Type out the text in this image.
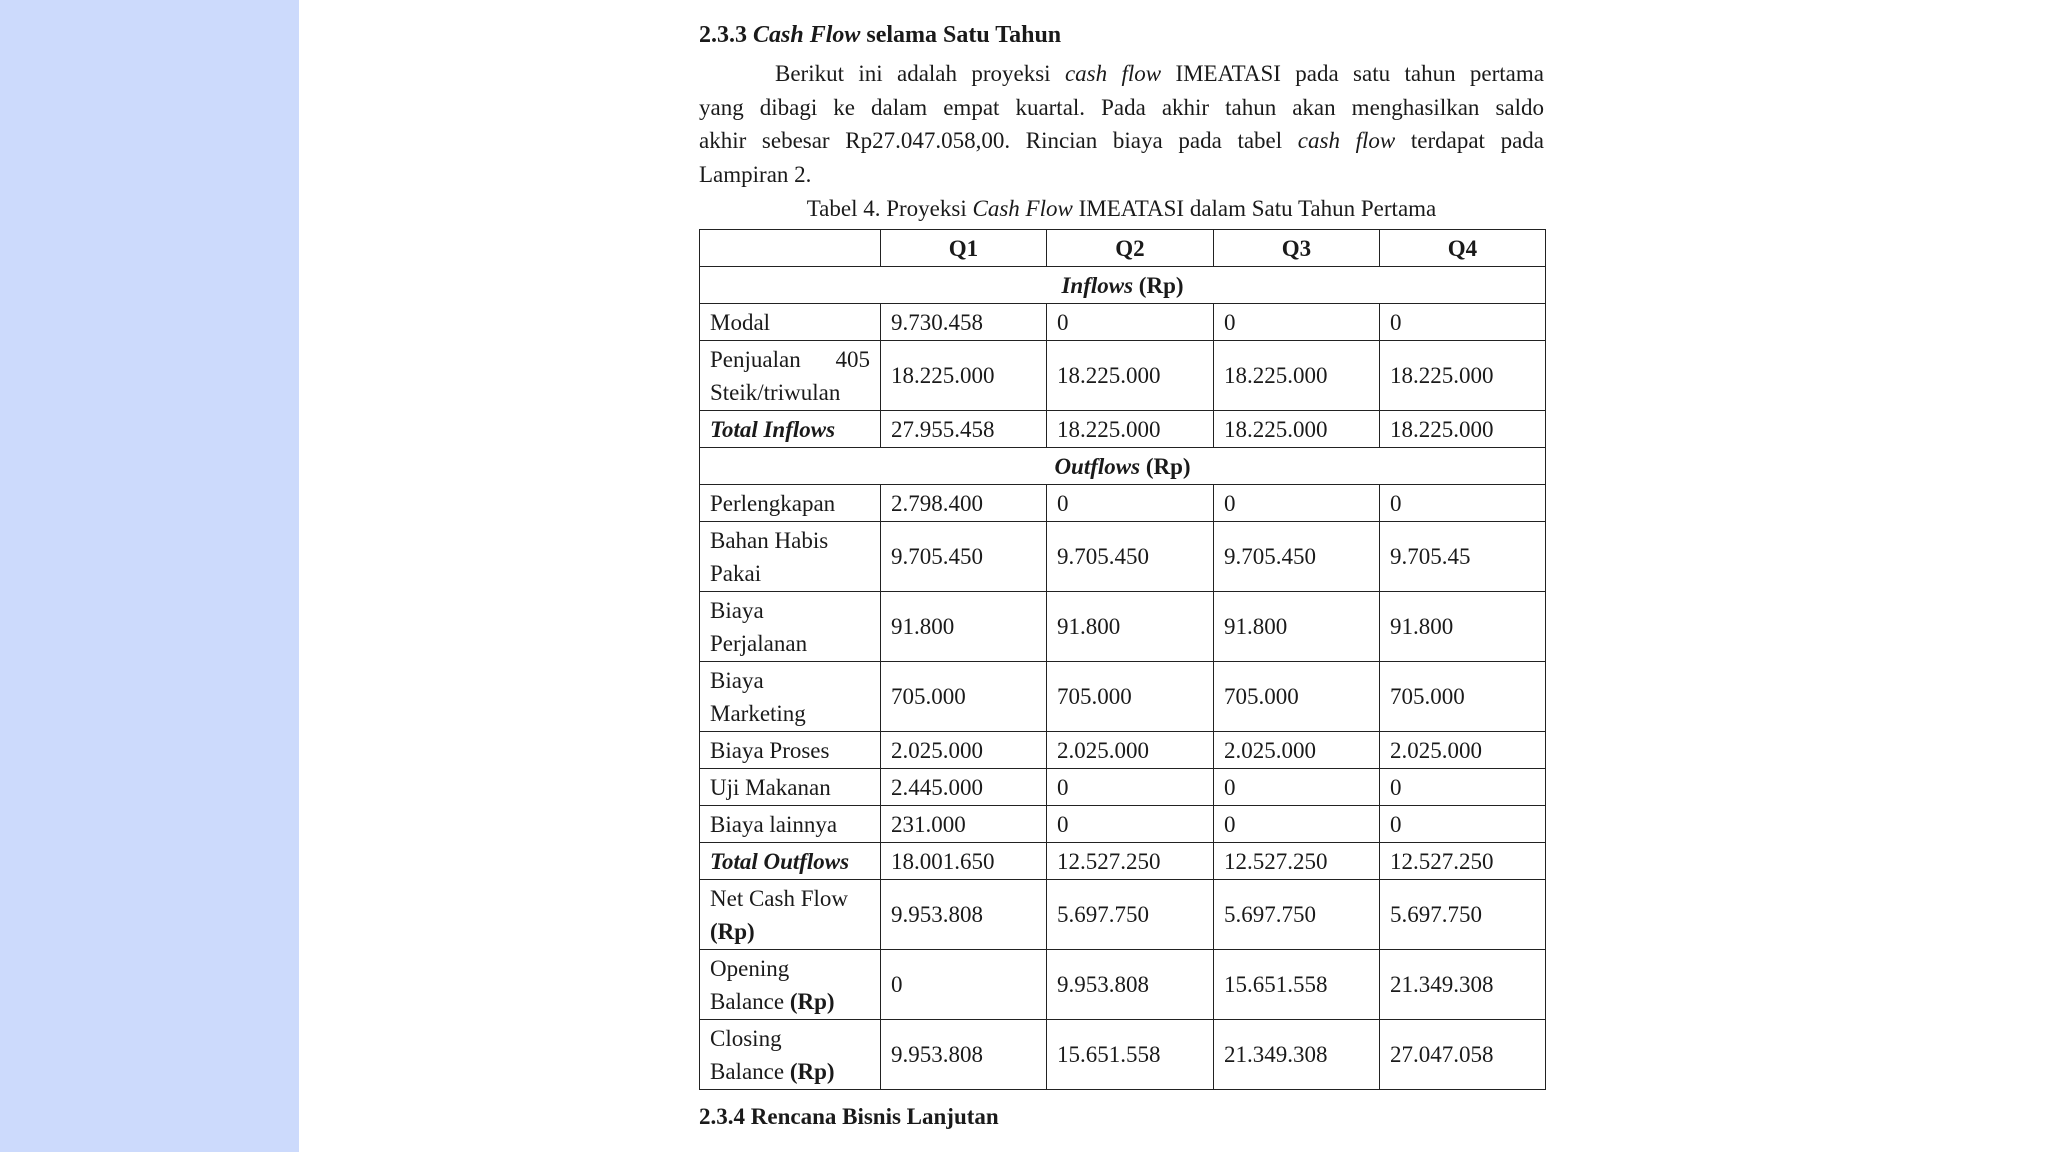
2.3.3 Cash Flow selama Satu Tahun
Berikut ini adalah proyeksi cash flow IMEATASI pada satu tahun pertama
yang dibagi ke dalam empat kuartal. Pada akhir tahun akan menghasilkan saldo
akhir sebesar Rp27.047.058,00. Rincian biaya pada tabel cash flow terdapat pada
Lampiran 2.
Tabel 4. Proyeksi Cash Flow IMEATASI dalam Satu Tahun Pertama
	Q1	Q2	Q3	Q4
Inflows (Rp)				
Modal	9.730.458	0	0	0

Penjualan 405
Steik/triwulan	18.225.000	18.225.000	18.225.000	18.225.000
Total Inflows	27.955.458	18.225.000	18.225.000	18.225.000
Outflows (Rp)				
Perlengkapan	2.798.400	0	0	0

Bahan Habis
Pakai	9.705.450	9.705.450	9.705.450	9.705.45

Biaya
Perjalanan	91.800	91.800	91.800	91.800

Biaya
Marketing	705.000	705.000	705.000	705.000
Biaya Proses	2.025.000	2.025.000	2.025.000	2.025.000
Uji Makanan	2.445.000	0	0	0
Biaya lainnya	231.000	0	0	0
Total Outflows	18.001.650	12.527.250	12.527.250	12.527.250

Net Cash Flow
(Rp)	9.953.808	5.697.750	5.697.750	5.697.750

Opening
Balance (Rp)	0	9.953.808	15.651.558	21.349.308

Closing
Balance (Rp)	9.953.808	15.651.558	21.349.308	27.047.058
2.3.4 Rencana Bisnis Lanjutan
